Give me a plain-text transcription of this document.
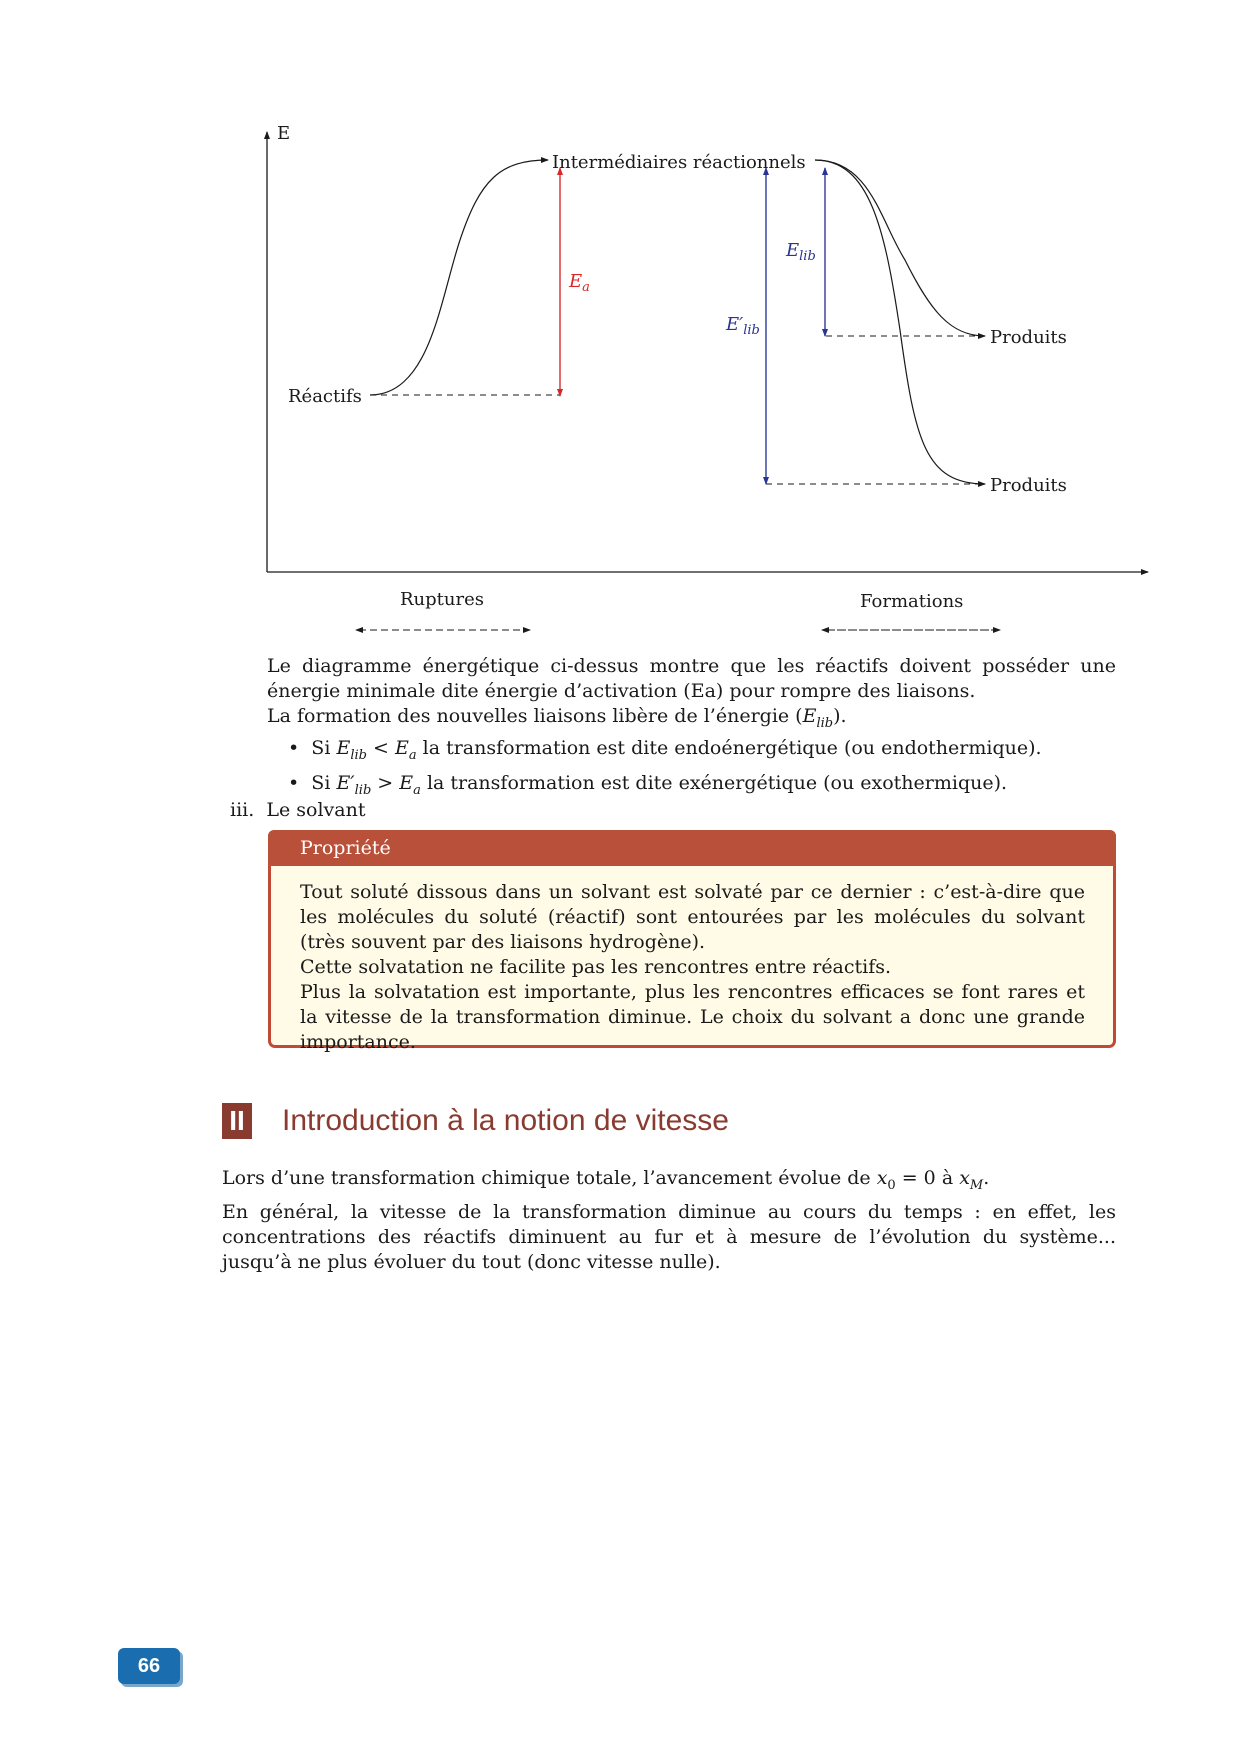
E
$E_a$
$E_{lib}$
$E'_{lib}$
Intermédiaires réactionnels
Réactifs
Produits
Produits
Ruptures	Formations
Le diagramme énergétique ci-dessus montre que les réactifs doivent posséder une énergie minimale dite énergie d’activation (Ea) pour rompre des liaisons.
La formation des nouvelles liaisons libère de l’énergie $(E_{lib})$.
•  Si $E_{lib} < E_a$ la transformation est dite endoénergétique (ou endothermique).
•  Si $E'_{lib} > E_a$ la transformation est dite exénergétique (ou exothermique).
iii. Le solvant
Propriété
Tout soluté dissous dans un solvant est solvaté par ce dernier : c’est-à-dire que les molécules du soluté (réactif) sont entourées par les molécules du solvant (très souvent par des liaisons hydrogène).
Cette solvatation ne facilite pas les rencontres entre réactifs.
Plus la solvatation est importante, plus les rencontres efficaces se font rares et la vitesse de la transformation diminue. Le choix du solvant a donc une grande importance.
II Introduction à la notion de vitesse
Lors d’une transformation chimique totale, l’avancement évolue de $x_0 = 0$ à $x_M$.
En général, la vitesse de la transformation diminue au cours du temps : en effet, les concentrations des réactifs diminuent au fur et à mesure de l’évolution du système... jusqu’à ne plus évoluer du tout (donc vitesse nulle).
66
